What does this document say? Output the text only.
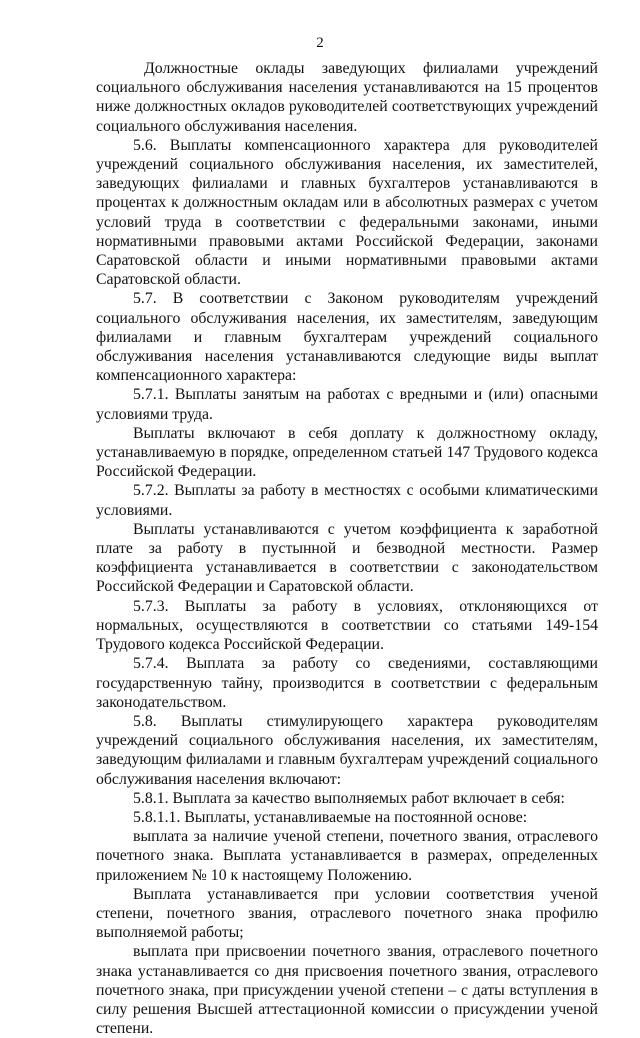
2

Должностные оклады заведующих филиалами учреждений социального обслуживания населения устанавливаются на 15 процентов ниже должностных окладов руководителей соответствующих учреждений социального обслуживания населения.

5.6. Выплаты компенсационного характера для руководителей учреждений социального обслуживания населения, их заместителей, заведующих филиалами и главных бухгалтеров устанавливаются в процентах к должностным окладам или в абсолютных размерах с учетом условий труда в соответствии с федеральными законами, иными нормативными правовыми актами Российской Федерации, законами Саратовской области и иными нормативными правовыми актами Саратовской области.

5.7. В соответствии с Законом руководителям учреждений социального обслуживания населения, их заместителям, заведующим филиалами и главным бухгалтерам учреждений социального обслуживания населения устанавливаются следующие виды выплат компенсационного характера:

5.7.1. Выплаты занятым на работах с вредными и (или) опасными условиями труда.

Выплаты включают в себя доплату к должностному окладу, устанавливаемую в порядке, определенном статьей 147 Трудового кодекса Российской Федерации.

5.7.2. Выплаты за работу в местностях с особыми климатическими условиями.

Выплаты устанавливаются с учетом коэффициента к заработной плате за работу в пустынной и безводной местности. Размер коэффициента устанавливается в соответствии с законодательством Российской Федерации и Саратовской области.

5.7.3. Выплаты за работу в условиях, отклоняющихся от нормальных, осуществляются в соответствии со статьями 149-154 Трудового кодекса Российской Федерации.

5.7.4. Выплата за работу со сведениями, составляющими государственную тайну, производится в соответствии с федеральным законодательством.

5.8. Выплаты стимулирующего характера руководителям учреждений социального обслуживания населения, их заместителям, заведующим филиалами и главным бухгалтерам учреждений социального обслуживания населения включают:

5.8.1. Выплата за качество выполняемых работ включает в себя:

5.8.1.1. Выплаты, устанавливаемые на постоянной основе:

выплата за наличие ученой степени, почетного звания, отраслевого почетного знака. Выплата устанавливается в размерах, определенных приложением № 10 к настоящему Положению.

Выплата устанавливается при условии соответствия ученой степени, почетного звания, отраслевого почетного знака профилю выполняемой работы;

выплата при присвоении почетного звания, отраслевого почетного знака устанавливается со дня присвоения почетного звания, отраслевого почетного знака, при присуждении ученой степени – с даты вступления в силу решения Высшей аттестационной комиссии о присуждении ученой степени.
